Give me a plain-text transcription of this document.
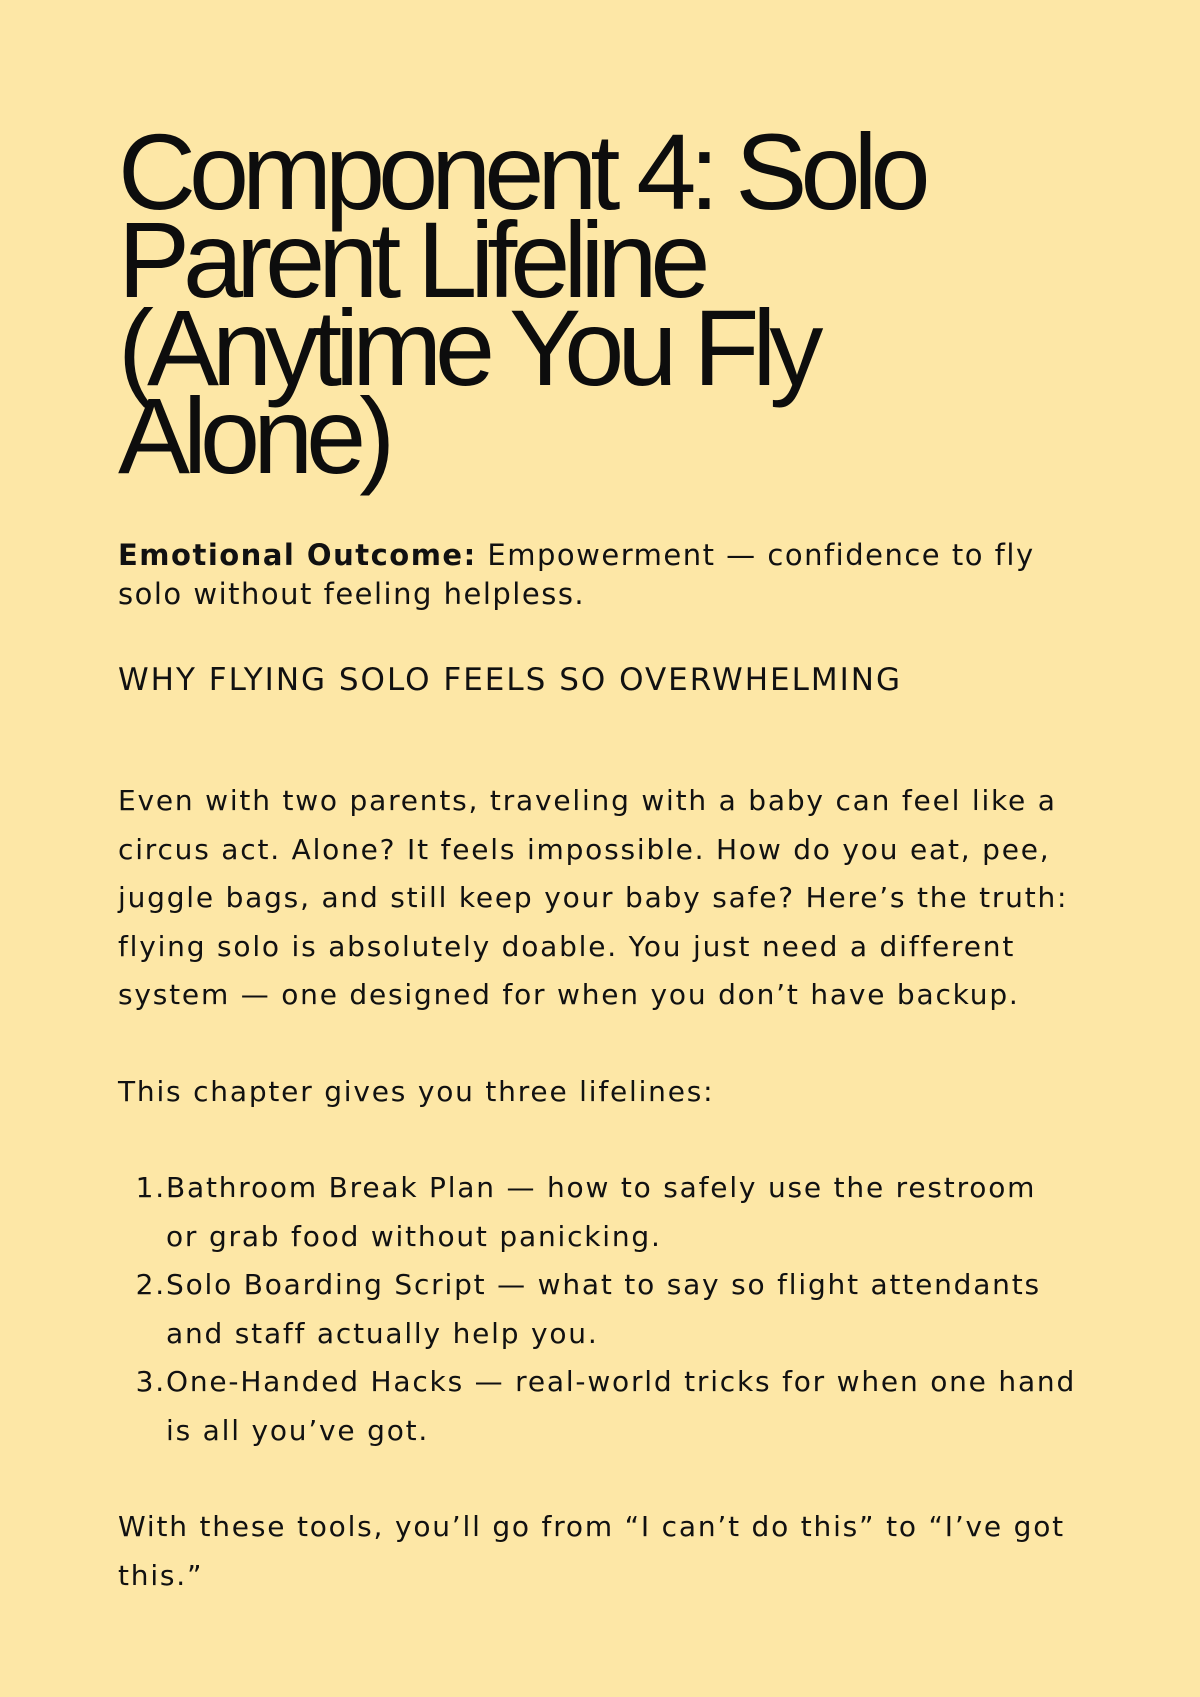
Component 4: Solo Parent Lifeline (Anytime You Fly Alone)

Emotional Outcome: Empowerment — confidence to fly solo without feeling helpless.

WHY FLYING SOLO FEELS SO OVERWHELMING

Even with two parents, traveling with a baby can feel like a circus act. Alone? It feels impossible. How do you eat, pee, juggle bags, and still keep your baby safe? Here’s the truth: flying solo is absolutely doable. You just need a different system — one designed for when you don’t have backup.

This chapter gives you three lifelines:

1. Bathroom Break Plan — how to safely use the restroom or grab food without panicking.
2. Solo Boarding Script — what to say so flight attendants and staff actually help you.
3. One-Handed Hacks — real-world tricks for when one hand is all you’ve got.

With these tools, you’ll go from “I can’t do this” to “I’ve got this.”
